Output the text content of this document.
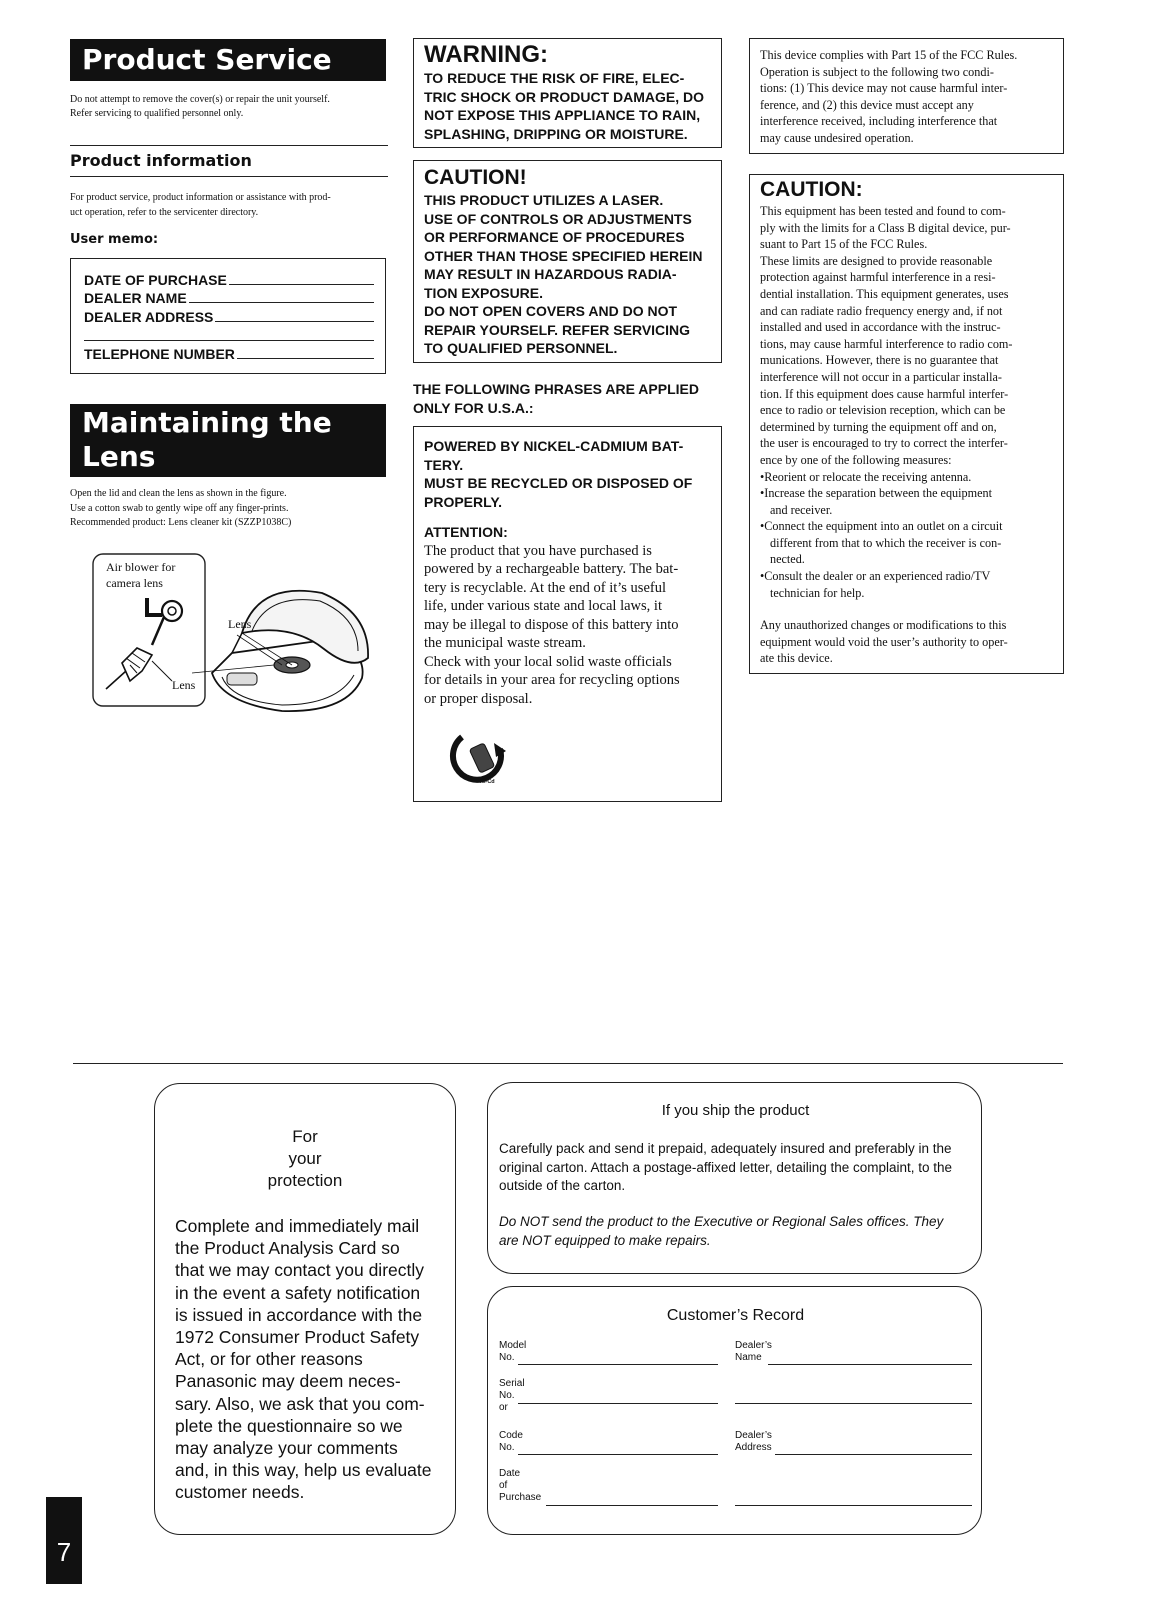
Product Service
Do not attempt to remove the cover(s) or repair the unit yourself.
Refer servicing to qualified personnel only.
Product information
For product service, product information or assistance with prod-
uct operation, refer to the servicenter directory.
User memo:
DATE OF PURCHASE
DEALER NAME
DEALER ADDRESS
TELEPHONE NUMBER
Maintaining the
Lens
Open the lid and clean the lens as shown in the figure.
Use a cotton swab to gently wipe off any finger-prints.
Recommended product: Lens cleaner kit (SZZP1038C)
Air blower for
camera lens
Lens
Lens
WARNING:
TO REDUCE THE RISK OF FIRE, ELEC-
TRIC SHOCK OR PRODUCT DAMAGE, DO
NOT EXPOSE THIS APPLIANCE TO RAIN,
SPLASHING, DRIPPING OR MOISTURE.
CAUTION!
THIS PRODUCT UTILIZES A LASER.
USE OF CONTROLS OR ADJUSTMENTS
OR PERFORMANCE OF PROCEDURES
OTHER THAN THOSE SPECIFIED HEREIN
MAY RESULT IN HAZARDOUS RADIA-
TION EXPOSURE.
DO NOT OPEN COVERS AND DO NOT
REPAIR YOURSELF. REFER SERVICING
TO QUALIFIED PERSONNEL.
THE FOLLOWING PHRASES ARE APPLIED
ONLY FOR U.S.A.:
POWERED BY NICKEL-CADMIUM BAT-
TERY.
MUST BE RECYCLED OR DISPOSED OF
PROPERLY.
ATTENTION:
The product that you have purchased is
powered by a rechargeable battery. The bat-
tery is recyclable. At the end of it’s useful
life, under various state and local laws, it
may be illegal to dispose of this battery into
the municipal waste stream.
Check with your local solid waste officials
for details in your area for recycling options
or proper disposal.
Ni-Cd
This device complies with Part 15 of the FCC Rules.
Operation is subject to the following two condi-
tions: (1) This device may not cause harmful inter-
ference, and (2) this device must accept any
interference received, including interference that
may cause undesired operation.
CAUTION:
This equipment has been tested and found to com-
ply with the limits for a Class B digital device, pur-
suant to Part 15 of the FCC Rules.
These limits are designed to provide reasonable
protection against harmful interference in a resi-
dential installation. This equipment generates, uses
and can radiate radio frequency energy and, if not
installed and used in accordance with the instruc-
tions, may cause harmful interference to radio com-
munications. However, there is no guarantee that
interference will not occur in a particular installa-
tion. If this equipment does cause harmful interfer-
ence to radio or television reception, which can be
determined by turning the equipment off and on,
the user is encouraged to try to correct the interfer-
ence by one of the following measures:
•Reorient or relocate the receiving antenna.
•Increase the separation between the equipment
and receiver.
•Connect the equipment into an outlet on a circuit
different from that to which the receiver is con-
nected.
•Consult the dealer or an experienced radio/TV
technician for help.
Any unauthorized changes or modifications to this
equipment would void the user’s authority to oper-
ate this device.
For
your
protection
Complete and immediately mail
the Product Analysis Card so
that we may contact you directly
in the event a safety notification
is issued in accordance with the
1972 Consumer Product Safety
Act, or for other reasons
Panasonic may deem neces-
sary. Also, we ask that you com-
plete the questionnaire so we
may analyze your comments
and, in this way, help us evaluate
customer needs.
If you ship the product
Carefully pack and send it prepaid, adequately insured and preferably in the
original carton. Attach a postage-affixed letter, detailing the complaint, to the
outside of the carton.
Do NOT send the product to the Executive or Regional Sales offices. They
are NOT equipped to make repairs.
Customer’s Record
Model
No.
Dealer’s
Name
Serial
No.
or
Code
No.
Dealer’s
Address
Date
of
Purchase
7
